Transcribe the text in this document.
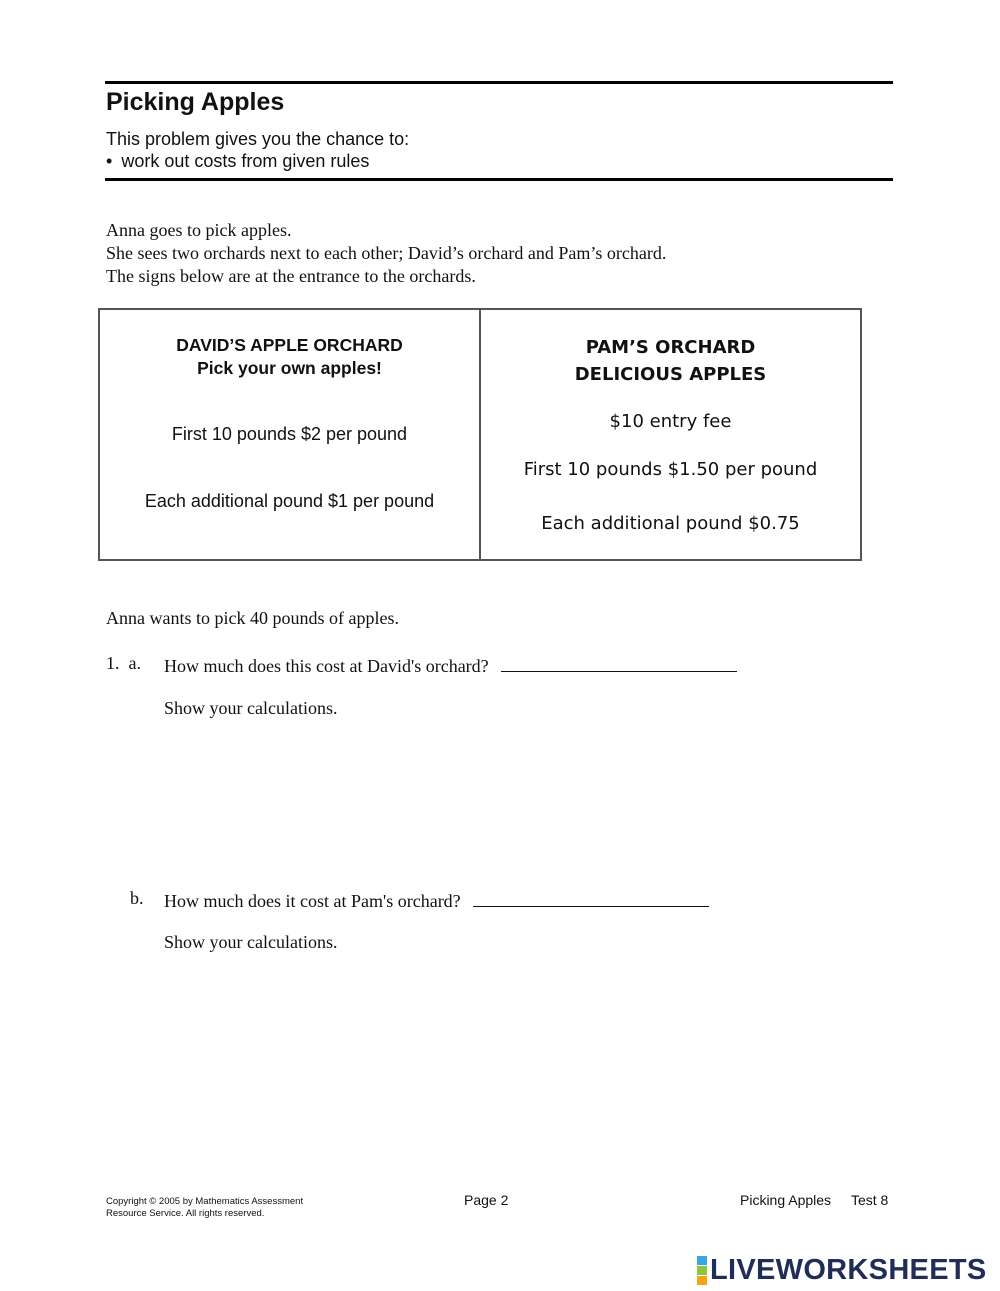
Picking Apples
This problem gives you the chance to:
• work out costs from given rules
Anna goes to pick apples.
She sees two orchards next to each other; David’s orchard and Pam’s orchard.
The signs below are at the entrance to the orchards.
DAVID’S APPLE ORCHARD
Pick your own apples!
First 10 pounds $2 per pound
Each additional pound $1 per pound
PAM’S ORCHARD
DELICIOUS APPLES
$10 entry fee
First 10 pounds $1.50 per pound
Each additional pound $0.75
Anna wants to pick 40 pounds of apples.
1.  a. How much does this cost at David's orchard?
Show your calculations.
b. How much does it cost at Pam's orchard?
Show your calculations.
Copyright © 2005 by Mathematics Assessment
Resource Service. All rights reserved.
Page 2	Picking Apples Test 8
LIVEWORKSHEETS
